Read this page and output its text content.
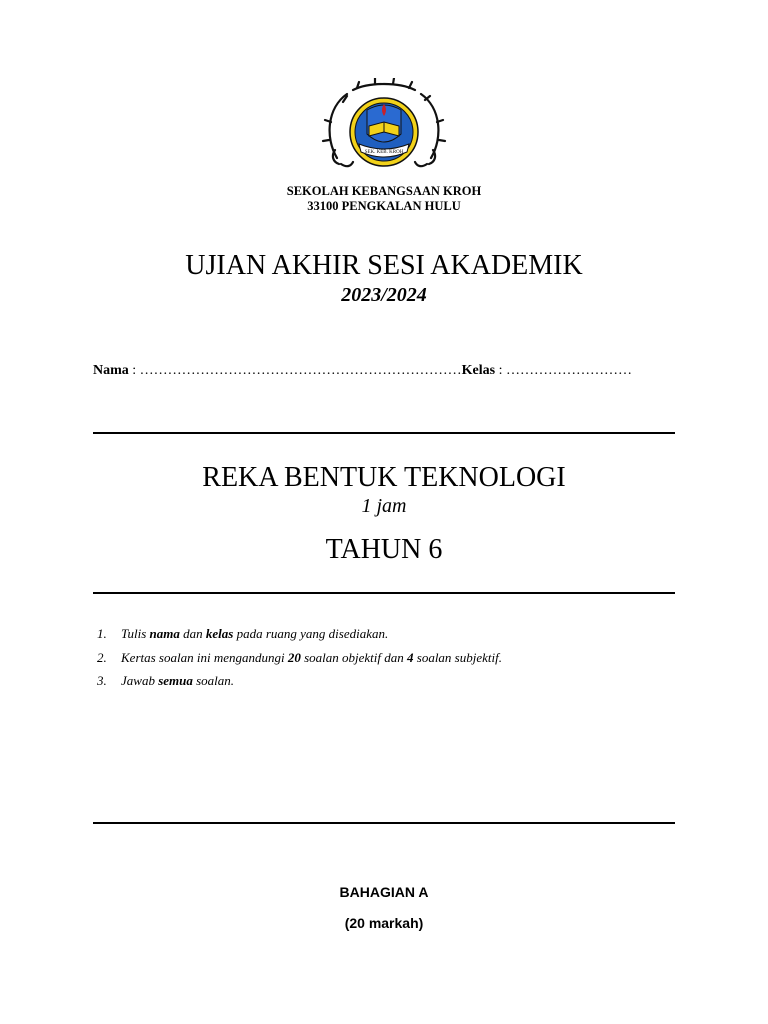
SEK. KEB. KROH
SEKOLAH KEBANGSAAN KROH
33100 PENGKALAN HULU
UJIAN AKHIR SESI AKADEMIK
2023/2024
Nama : ……………………………………………………………Kelas : ………………………
REKA BENTUK TEKNOLOGI
1 jam
TAHUN 6
1. Tulis nama dan kelas pada ruang yang disediakan.
2. Kertas soalan ini mengandungi 20 soalan objektif dan 4 soalan subjektif.
3. Jawab semua soalan.
BAHAGIAN A
(20 markah)
